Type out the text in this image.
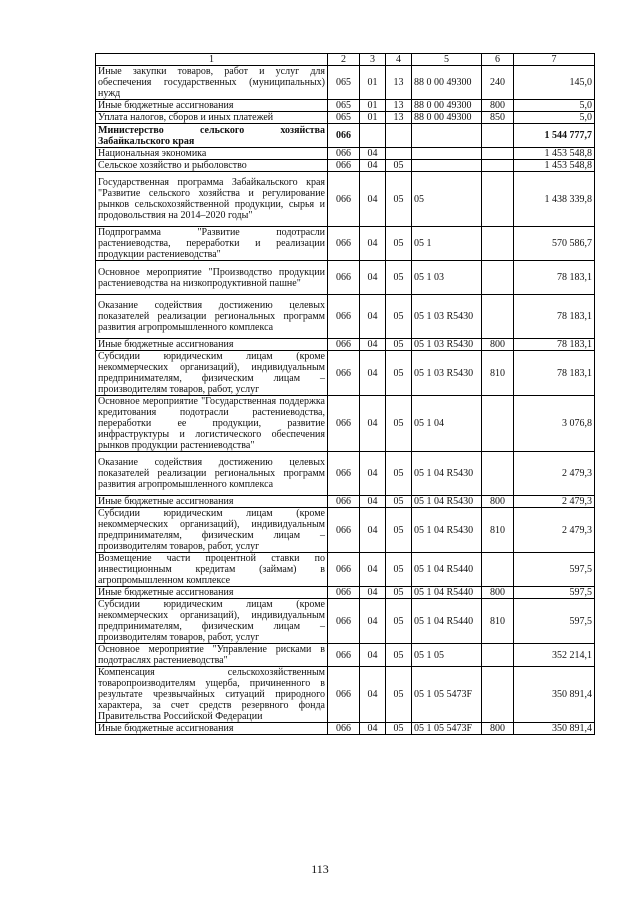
1	2	3	4	5	6	7
Иные закупки товаров, работ и услуг для обеспечения государственных (муниципальных) нужд	065	01	13	88 0 00 49300	240	145,0
Иные бюджетные ассигнования	065	01	13	88 0 00 49300	800	5,0
Уплата налогов, сборов и иных платежей	065	01	13	88 0 00 49300	850	5,0
Министерство сельского хозяйства Забайкальского края	066					1 544 777,7
Национальная экономика	066	04				1 453 548,8
Сельское хозяйство и рыболовство	066	04	05			1 453 548,8
Государственная программа Забайкальского края "Развитие сельского хозяйства и регулирование рынков сельскохозяйственной продукции, сырья и продовольствия на 2014–2020 годы"	066	04	05	05		1 438 339,8
Подпрограмма "Развитие подотрасли растениеводства, переработки и реализации продукции растениеводства"	066	04	05	05 1		570 586,7
Основное мероприятие "Производство продукции растениеводства на низкопродуктивной пашне"	066	04	05	05 1 03		78 183,1
Оказание содействия достижению целевых показателей реализации региональных программ развития агропромышленного комплекса	066	04	05	05 1 03 R5430		78 183,1
Иные бюджетные ассигнования	066	04	05	05 1 03 R5430	800	78 183,1
Субсидии юридическим лицам (кроме некоммерческих организаций), индивидуальным предпринимателям, физическим лицам – производителям товаров, работ, услуг	066	04	05	05 1 03 R5430	810	78 183,1
Основное мероприятие "Государственная поддержка кредитования подотрасли растениеводства, переработки ее продукции, развитие инфраструктуры и логистического обеспечения рынков продукции растениеводства"	066	04	05	05 1 04		3 076,8
Оказание содействия достижению целевых показателей реализации региональных программ развития агропромышленного комплекса	066	04	05	05 1 04 R5430		2 479,3
Иные бюджетные ассигнования	066	04	05	05 1 04 R5430	800	2 479,3
Субсидии юридическим лицам (кроме некоммерческих организаций), индивидуальным предпринимателям, физическим лицам – производителям товаров, работ, услуг	066	04	05	05 1 04 R5430	810	2 479,3
Возмещение части процентной ставки по инвестиционным кредитам (займам) в агропромышленном комплексе	066	04	05	05 1 04 R5440		597,5
Иные бюджетные ассигнования	066	04	05	05 1 04 R5440	800	597,5
Субсидии юридическим лицам (кроме некоммерческих организаций), индивидуальным предпринимателям, физическим лицам – производителям товаров, работ, услуг	066	04	05	05 1 04 R5440	810	597,5
Основное мероприятие "Управление рисками в подотраслях растениеводства"	066	04	05	05 1 05		352 214,1
Компенсация сельскохозяйственным товаропроизводителям ущерба, причиненного в результате чрезвычайных ситуаций природного характера, за счет средств резервного фонда Правительства Российской Федерации	066	04	05	05 1 05 5473F		350 891,4
Иные бюджетные ассигнования	066	04	05	05 1 05 5473F	800	350 891,4
113
